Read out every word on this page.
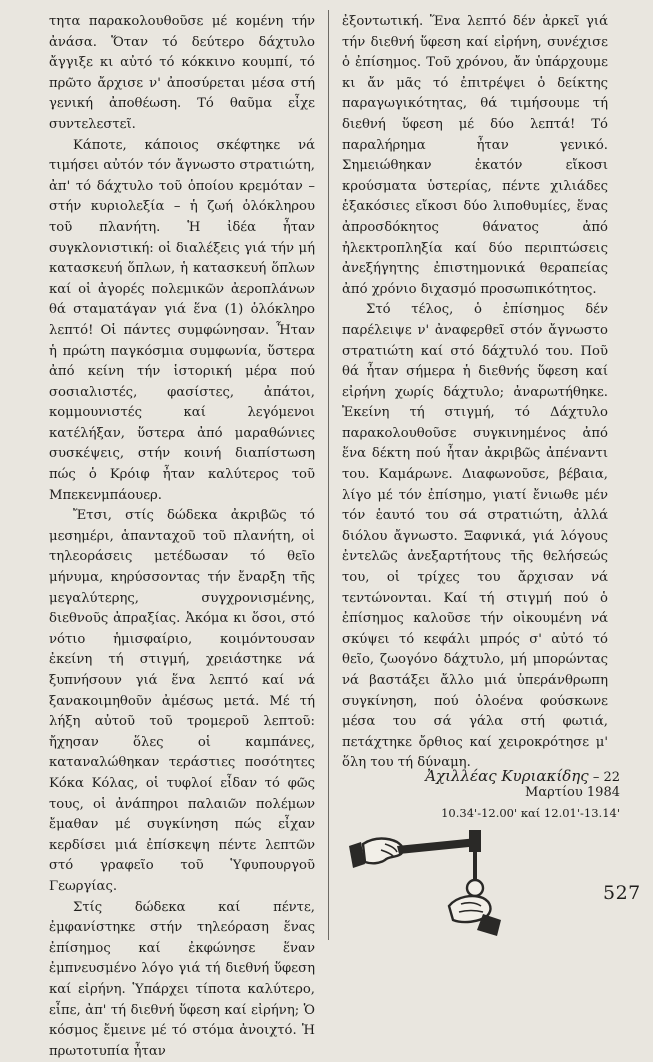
τητα παρακολουθοῦσε μέ κομένη τήν ἀνάσα. Ὅταν τό δεύτερο δάχτυλο ἄγγιξε κι αὐτό τό κόκκινο κουμπί, τό πρῶτο ἄρχισε ν' ἀποσύρεται μέσα στή γενική ἀποθέωση. Τό θαῦμα εἶχε συντελεστεῖ.

Κάποτε, κάποιος σκέφτηκε νά τιμήσει αὐτόν τόν ἄγνωστο στρατιώτη, ἀπ' τό δάχτυλο τοῦ ὁποίου κρεμόταν – στήν κυριολεξία – ἡ ζωή ὁλόκληρου τοῦ πλανήτη. Ἡ ἰδέα ἦταν συγκλονιστική: οἱ διαλέξεις γιά τήν μή κατασκευή ὅπλων, ἡ κατασκευή ὅπλων καί οἱ ἀγορές πολεμικῶν ἀεροπλάνων θά σταματάγαν γιά ἕνα (1) ὁλόκληρο λεπτό! Οἱ πάντες συμφώνησαν. Ἦταν ἡ πρώτη παγκόσμια συμφωνία, ὕστερα ἀπό κείνη τήν ἱστορική μέρα πού σοσιαλιστές, φασίστες, ἀπάτοι, κομμουνιστές καί λεγόμενοι κατέλήξαν, ὕστερα ἀπό μαραθώνιες συσκέψεις, στήν κοινή διαπίστωση πώς ὁ Κρόιφ ἦταν καλύτερος τοῦ Μπεκενμπάουερ.

Ἔτσι, στίς δώδεκα ἀκριβῶς τό μεσημέρι, ἁπανταχοῦ τοῦ πλανήτη, οἱ τηλεοράσεις μετέδωσαν τό θεῖο μήνυμα, κηρύσσοντας τήν ἔναρξη τῆς μεγαλύτερης, συγχρονισμένης, διεθνοῦς ἀπραξίας. Ἀκόμα κι ὅσοι, στό νότιο ἡμισφαίριο, κοιμόντουσαν ἐκείνη τή στιγμή, χρειάστηκε νά ξυπνήσουν γιά ἕνα λεπτό καί νά ξανακοιμηθοῦν ἀμέσως μετά. Μέ τή λήξη αὐτοῦ τοῦ τρομεροῦ λεπτοῦ: ἤχησαν ὅλες οἱ καμπάνες, καταναλώθηκαν τεράστιες ποσότητες Κόκα Κόλας, οἱ τυφλοί εἶδαν τό φῶς τους, οἱ ἀνάπηροι παλαιῶν πολέμων ἔμαθαν μέ συγκίνηση πώς εἶχαν κερδίσει μιά ἐπίσκεψη πέντε λεπτῶν στό γραφεῖο τοῦ Ὑφυπουργοῦ Γεωργίας.

Στίς δώδεκα καί πέντε, ἐμφανίστηκε στήν τηλεόραση ἕνας ἐπίσημος καί ἐκφώνησε ἕναν ἐμπνευσμένο λόγο γιά τή διεθνή ὕφεση καί εἰρήνη. Ὑπάρχει τίποτα καλύτερο, εἶπε, ἀπ' τή διεθνή ὕφεση καί εἰρήνη; Ὁ κόσμος ἔμεινε μέ τό στόμα ἀνοιχτό. Ἡ πρωτοτυπία ἦταν

ἐξοντωτική. Ἕνα λεπτό δέν ἀρκεῖ γιά τήν διεθνή ὕφεση καί εἰρήνη, συνέχισε ὁ ἐπίσημος. Τοῦ χρόνου, ἄν ὑπάρχουμε κι ἄν μᾶς τό ἐπιτρέψει ὁ δείκτης παραγωγικότητας, θά τιμήσουμε τή διεθνή ὕφεση μέ δύο λεπτά! Τό παραλήρημα ἦταν γενικό. Σημειώθηκαν ἑκατόν εἴκοσι κρούσματα ὑστερίας, πέντε χιλιάδες ἑξακόσιες εἴκοσι δύο λιποθυμίες, ἕνας ἀπροσδόκητος θάνατος ἀπό ἠλεκτροπληξία καί δύο περιπτώσεις ἀνεξήγητης ἐπιστημονικά θεραπείας ἀπό χρόνιο διχασμό προσωπικότητος.

Στό τέλος, ὁ ἐπίσημος δέν παρέλειψε ν' ἀναφερθεῖ στόν ἄγνωστο στρατιώτη καί στό δάχτυλό του. Ποῦ θά ἦταν σήμερα ἡ διεθνής ὕφεση καί εἰρήνη χωρίς δάχτυλο; ἀναρωτήθηκε. Ἐκείνη τή στιγμή, τό Δάχτυλο παρακολουθοῦσε συγκινημένος ἀπό ἕνα δέκτη πού ἦταν ἀκριβῶς ἀπέναντι του. Καμάρωνε. Διαφωνοῦσε, βέβαια, λίγο μέ τόν ἐπίσημο, γιατί ἔνιωθε μέν τόν ἑαυτό του σά στρατιώτη, ἀλλά διόλου ἄγνωστο. Ξαφνικά, γιά λόγους ἐντελῶς ἀνεξαρτήτους τῆς θελήσεώς του, οἱ τρίχες του ἄρχισαν νά τεντώνονται. Καί τή στιγμή πού ὁ ἐπίσημος καλοῦσε τήν οἰκουμένη νά σκύψει τό κεφάλι μπρός σ' αὐτό τό θεῖο, ζωογόνο δάχτυλο, μή μπορώντας νά βαστάξει ἄλλο μιά ὑπεράνθρωπη συγκίνηση, πού ὁλοένα φούσκωνε μέσα του σά γάλα στή φωτιά, πετάχτηκε ὄρθιος καί χειροκρότησε μ' ὅλη του τή δύναμη.

Ἀχιλλέας Κυριακίδης – 22 Μαρτίου 1984
10.34'-12.00' καί 12.01'-13.14'
527
